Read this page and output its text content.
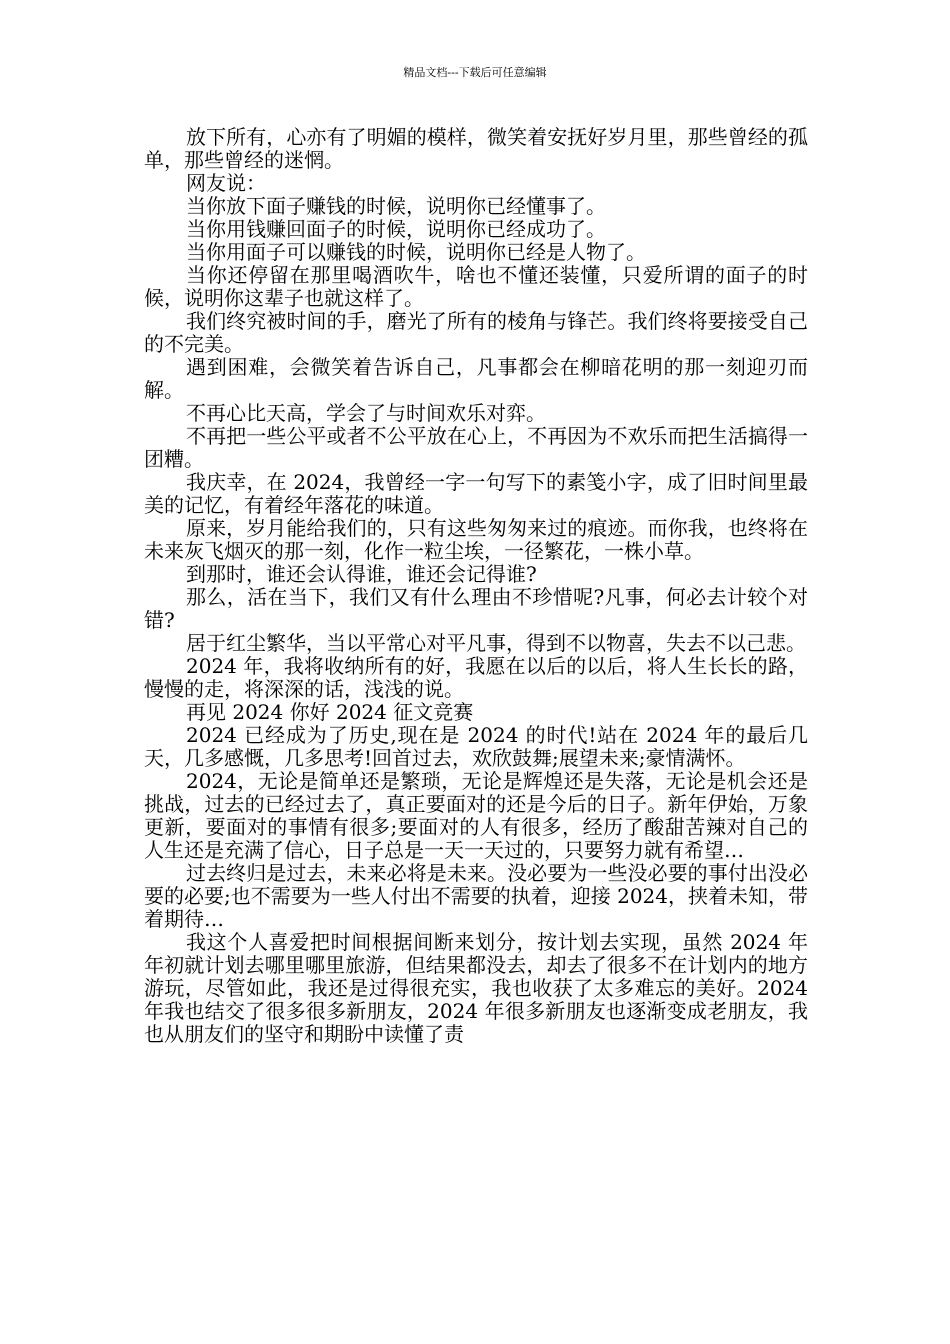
精品文档---下载后可任意编辑

放下所有，心亦有了明媚的模样，微笑着安抚好岁月里，那些曾经的孤单，那些曾经的迷惘。

网友说：

当你放下面子赚钱的时候，说明你已经懂事了。

当你用钱赚回面子的时候，说明你已经成功了。

当你用面子可以赚钱的时候，说明你已经是人物了。

当你还停留在那里喝酒吹牛，啥也不懂还装懂，只爱所谓的面子的时候，说明你这辈子也就这样了。

我们终究被时间的手，磨光了所有的棱角与锋芒。我们终将要接受自己的不完美。

遇到困难，会微笑着告诉自己，凡事都会在柳暗花明的那一刻迎刃而解。

不再心比天高，学会了与时间欢乐对弈。

不再把一些公平或者不公平放在心上，不再因为不欢乐而把生活搞得一团糟。

我庆幸，在 2024，我曾经一字一句写下的素笺小字，成了旧时间里最美的记忆，有着经年落花的味道。

原来，岁月能给我们的，只有这些匆匆来过的痕迹。而你我，也终将在未来灰飞烟灭的那一刻，化作一粒尘埃，一径繁花，一株小草。

到那时，谁还会认得谁，谁还会记得谁?

那么，活在当下，我们又有什么理由不珍惜呢?凡事，何必去计较个对错?

居于红尘繁华，当以平常心对平凡事，得到不以物喜，失去不以己悲。

2024 年，我将收纳所有的好，我愿在以后的以后，将人生长长的路，慢慢的走，将深深的话，浅浅的说。

再见 2024 你好 2024 征文竞赛

2024 已经成为了历史,现在是 2024 的时代!站在 2024 年的最后几天，几多感慨，几多思考!回首过去，欢欣鼓舞;展望未来;豪情满怀。

2024，无论是简单还是繁琐，无论是辉煌还是失落，无论是机会还是挑战，过去的已经过去了，真正要面对的还是今后的日子。新年伊始，万象更新，要面对的事情有很多;要面对的人有很多，经历了酸甜苦辣对自己的人生还是充满了信心，日子总是一天一天过的，只要努力就有希望…

过去终归是过去，未来必将是未来。没必要为一些没必要的事付出没必要的必要;也不需要为一些人付出不需要的执着，迎接 2024，挟着未知，带着期待…

我这个人喜爱把时间根据间断来划分，按计划去实现，虽然 2024 年年初就计划去哪里哪里旅游，但结果都没去，却去了很多不在计划内的地方游玩，尽管如此，我还是过得很充实，我也收获了太多难忘的美好。2024 年我也结交了很多很多新朋友，2024 年很多新朋友也逐渐变成老朋友，我也从朋友们的坚守和期盼中读懂了责
